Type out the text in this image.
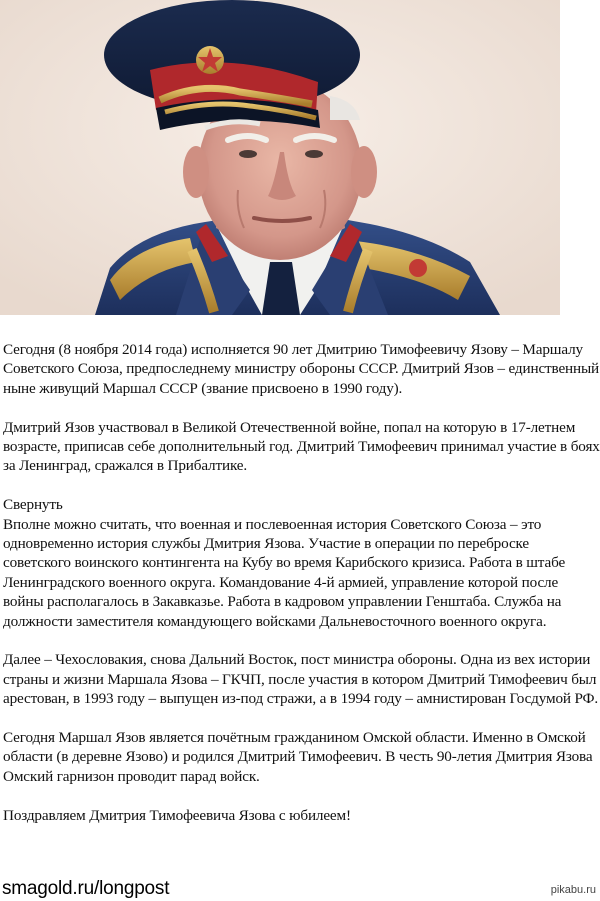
Сегодня (8 ноября 2014 года) исполняется 90 лет Дмитрию Тимофеевичу Язову – Маршалу Советского Союза, предпоследнему министру обороны СССР. Дмитрий Язов – единственный ныне живущий Маршал СССР (звание присвоено в 1990 году).

Дмитрий Язов участвовал в Великой Отечественной войне, попал на которую в 17-летнем возрасте, приписав себе дополнительный год. Дмитрий Тимофеевич принимал участие в боях за Ленинград, сражался в Прибалтике.

Свернуть
Вполне можно считать, что военная и послевоенная история Советского Союза – это одновременно история службы Дмитрия Язова. Участие в операции по переброске советского воинского контингента на Кубу во время Карибского кризиса. Работа в штабе Ленинградского военного округа. Командование 4-й армией, управление которой после войны располагалось в Закавказье. Работа в кадровом управлении Генштаба. Служба на должности заместителя командующего войсками Дальневосточного военного округа.

Далее – Чехословакия, снова Дальний Восток, пост министра обороны. Одна из вех истории страны и жизни Маршала Язова – ГКЧП, после участия в котором Дмитрий Тимофеевич был арестован, в 1993 году – выпущен из-под стражи, а в 1994 году – амнистирован Госдумой РФ.

Сегодня Маршал Язов является почётным гражданином Омской области. Именно в Омской области (в деревне Язово) и родился Дмитрий Тимофеевич. В честь 90-летия Дмитрия Язова Омский гарнизон проводит парад войск.

Поздравляем Дмитрия Тимофеевича Язова с юбилеем!

smagold.ru/longpost	pikabu.ru
